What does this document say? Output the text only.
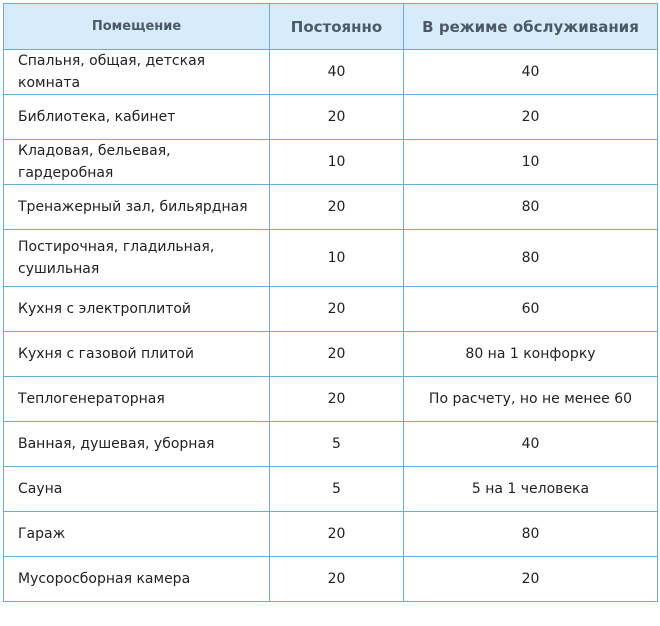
Помещение	Постоянно	В режиме обслуживания
Спальня, общая, детская комната	40	40
Библиотека, кабинет	20	20
Кладовая, бельевая, гардеробная	10	10
Тренажерный зал, бильярдная	20	80
Постирочная, гладильная, сушильная	10	80
Кухня с электроплитой	20	60
Кухня с газовой плитой	20	80 на 1 конфорку
Теплогенераторная	20	По расчету, но не менее 60
Ванная, душевая, уборная	5	40
Сауна	5	5 на 1 человека
Гараж	20	80
Мусоросборная камера	20	20
